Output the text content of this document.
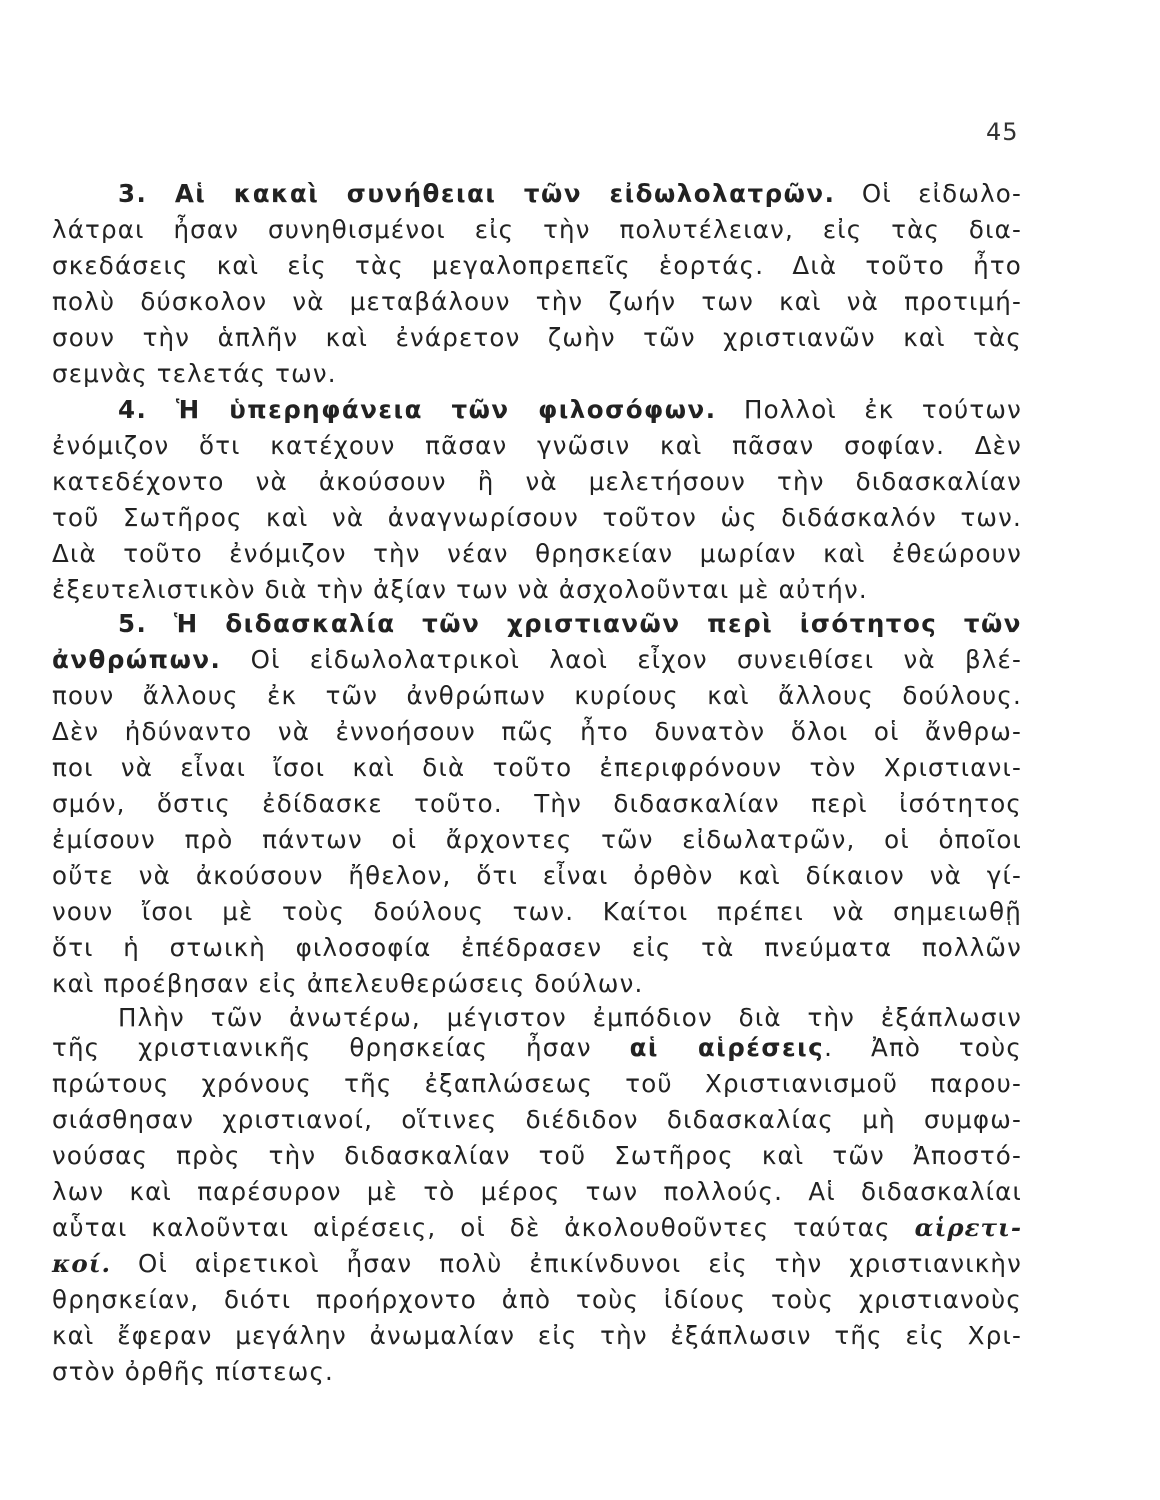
45
3. Αἱ κακαὶ συνήθειαι τῶν εἰδωλολατρῶν. Οἱ εἰδωλο-
λάτραι ἦσαν συνηθισμένοι εἰς τὴν πολυτέλειαν, εἰς τὰς δια-
σκεδάσεις καὶ εἰς τὰς μεγαλοπρεπεῖς ἑορτάς. Διὰ τοῦτο ἦτο
πολὺ δύσκολον νὰ μεταβάλουν τὴν ζωήν των καὶ νὰ προτιμή-
σουν τὴν ἁπλῆν καὶ ἐνάρετον ζωὴν τῶν χριστιανῶν καὶ τὰς
σεμνὰς τελετάς των.
4. Ἡ ὑπερηφάνεια τῶν φιλοσόφων. Πολλοὶ ἐκ τούτων
ἐνόμιζον ὅτι κατέχουν πᾶσαν γνῶσιν καὶ πᾶσαν σοφίαν. Δὲν
κατεδέχοντο νὰ ἀκούσουν ἢ νὰ μελετήσουν τὴν διδασκαλίαν
τοῦ Σωτῆρος καὶ νὰ ἀναγνωρίσουν τοῦτον ὡς διδάσκαλόν των.
Διὰ τοῦτο ἐνόμιζον τὴν νέαν θρησκείαν μωρίαν καὶ ἐθεώρουν
ἐξευτελιστικὸν διὰ τὴν ἀξίαν των νὰ ἀσχολοῦνται μὲ αὐτήν.
5. Ἡ διδασκαλία τῶν χριστιανῶν περὶ ἰσότητος τῶν
ἀνθρώπων. Οἱ εἰδωλολατρικοὶ λαοὶ εἶχον συνειθίσει νὰ βλέ-
πουν ἄλλους ἐκ τῶν ἀνθρώπων κυρίους καὶ ἄλλους δούλους.
Δὲν ἠδύναντο νὰ ἐννοήσουν πῶς ἦτο δυνατὸν ὅλοι οἱ ἄνθρω-
ποι νὰ εἶναι ἴσοι καὶ διὰ τοῦτο ἐπεριφρόνουν τὸν Χριστιανι-
σμόν, ὅστις ἐδίδασκε τοῦτο. Τὴν διδασκαλίαν περὶ ἰσότητος
ἐμίσουν πρὸ πάντων οἱ ἄρχοντες τῶν εἰδωλατρῶν, οἱ ὁποῖοι
οὔτε νὰ ἀκούσουν ἤθελον, ὅτι εἶναι ὀρθὸν καὶ δίκαιον νὰ γί-
νουν ἴσοι μὲ τοὺς δούλους των. Καίτοι πρέπει νὰ σημειωθῇ
ὅτι ἡ στωικὴ φιλοσοφία ἐπέδρασεν εἰς τὰ πνεύματα πολλῶν
καὶ προέβησαν εἰς ἀπελευθερώσεις δούλων.
Πλὴν τῶν ἀνωτέρω, μέγιστον ἐμπόδιον διὰ τὴν ἐξάπλωσιν
τῆς χριστιανικῆς θρησκείας ἦσαν αἱ αἱρέσεις. Ἀπὸ τοὺς
πρώτους χρόνους τῆς ἐξαπλώσεως τοῦ Χριστιανισμοῦ παρου-
σιάσθησαν χριστιανοί, οἵτινες διέδιδον διδασκαλίας μὴ συμφω-
νούσας πρὸς τὴν διδασκαλίαν τοῦ Σωτῆρος καὶ τῶν Ἀποστό-
λων καὶ παρέσυρον μὲ τὸ μέρος των πολλούς. Αἱ διδασκαλίαι
αὗται καλοῦνται αἱρέσεις, οἱ δὲ ἀκολουθοῦντες ταύτας αἱρετι-
κοί. Οἱ αἱρετικοὶ ἦσαν πολὺ ἐπικίνδυνοι εἰς τὴν χριστιανικὴν
θρησκείαν, διότι προήρχοντο ἀπὸ τοὺς ἰδίους τοὺς χριστιανοὺς
καὶ ἔφεραν μεγάλην ἀνωμαλίαν εἰς τὴν ἐξάπλωσιν τῆς εἰς Χρι-
στὸν ὀρθῆς πίστεως.
